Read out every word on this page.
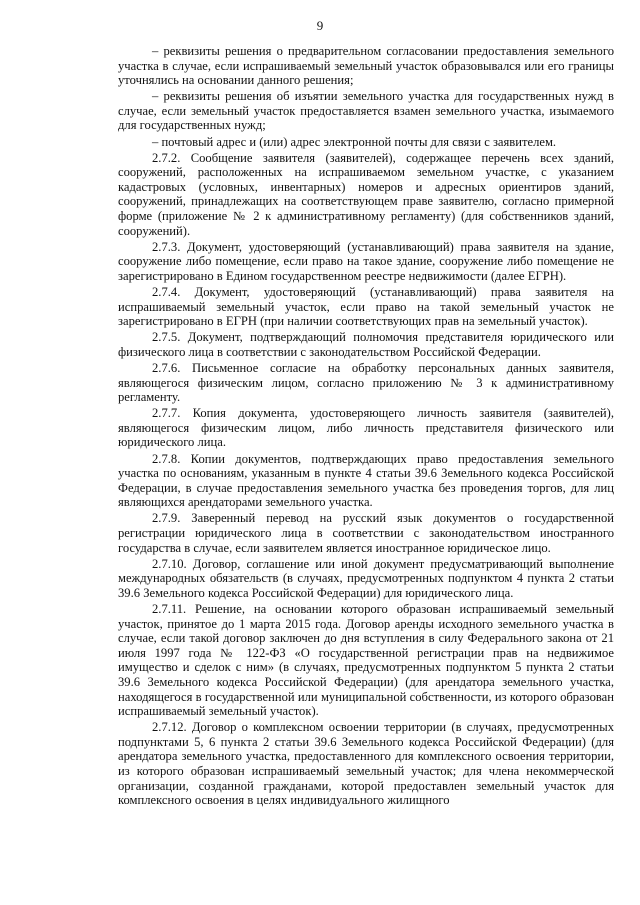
9

– реквизиты решения о предварительном согласовании предоставления земельного участка в случае, если испрашиваемый земельный участок образовывался или его границы уточнялись на основании данного решения;

– реквизиты решения об изъятии земельного участка для государственных нужд в случае, если земельный участок предоставляется взамен земельного участка, изымаемого для государственных нужд;

– почтовый адрес и (или) адрес электронной почты для связи с заявителем.

2.7.2. Сообщение заявителя (заявителей), содержащее перечень всех зданий, сооружений, расположенных на испрашиваемом земельном участке, с указанием кадастровых (условных, инвентарных) номеров и адресных ориентиров зданий, сооружений, принадлежащих на соответствующем праве заявителю, согласно примерной форме (приложение № 2 к административному регламенту) (для собственников зданий, сооружений).

2.7.3. Документ, удостоверяющий (устанавливающий) права заявителя на здание, сооружение либо помещение, если право на такое здание, сооружение либо помещение не зарегистрировано в Едином государственном реестре недвижимости (далее ЕГРН).

2.7.4. Документ, удостоверяющий (устанавливающий) права заявителя на испрашиваемый земельный участок, если право на такой земельный участок не зарегистрировано в ЕГРН (при наличии соответствующих прав на земельный участок).

2.7.5. Документ, подтверждающий полномочия представителя юридического или физического лица в соответствии с законодательством Российской Федерации.

2.7.6. Письменное согласие на обработку персональных данных заявителя, являющегося физическим лицом, согласно приложению № 3 к административному регламенту.

2.7.7. Копия документа, удостоверяющего личность заявителя (заявителей), являющегося физическим лицом, либо личность представителя физического или юридического лица.

2.7.8. Копии документов, подтверждающих право предоставления земельного участка по основаниям, указанным в пункте 4 статьи 39.6 Земельного кодекса Российской Федерации, в случае предоставления земельного участка без проведения торгов, для лиц являющихся арендаторами земельного участка.

2.7.9. Заверенный перевод на русский язык документов о государственной регистрации юридического лица в соответствии с законодательством иностранного государства в случае, если заявителем является иностранное юридическое лицо.

2.7.10. Договор, соглашение или иной документ предусматривающий выполнение международных обязательств (в случаях, предусмотренных подпунктом 4 пункта 2 статьи 39.6 Земельного кодекса Российской Федерации) для юридического лица.

2.7.11. Решение, на основании которого образован испрашиваемый земельный участок, принятое до 1 марта 2015 года. Договор аренды исходного земельного участка в случае, если такой договор заключен до дня вступления в силу Федерального закона от 21 июля 1997 года № 122-ФЗ «О государственной регистрации прав на недвижимое имущество и сделок с ним» (в случаях, предусмотренных подпунктом 5 пункта 2 статьи 39.6 Земельного кодекса Российской Федерации) (для арендатора земельного участка, находящегося в государственной или муниципальной собственности, из которого образован испрашиваемый земельный участок).

2.7.12. Договор о комплексном освоении территории (в случаях, предусмотренных подпунктами 5, 6 пункта 2 статьи 39.6 Земельного кодекса Российской Федерации) (для арендатора земельного участка, предоставленного для комплексного освоения территории, из которого образован испрашиваемый земельный участок; для члена некоммерческой организации, созданной гражданами, которой предоставлен земельный участок для комплексного освоения в целях индивидуального жилищного
